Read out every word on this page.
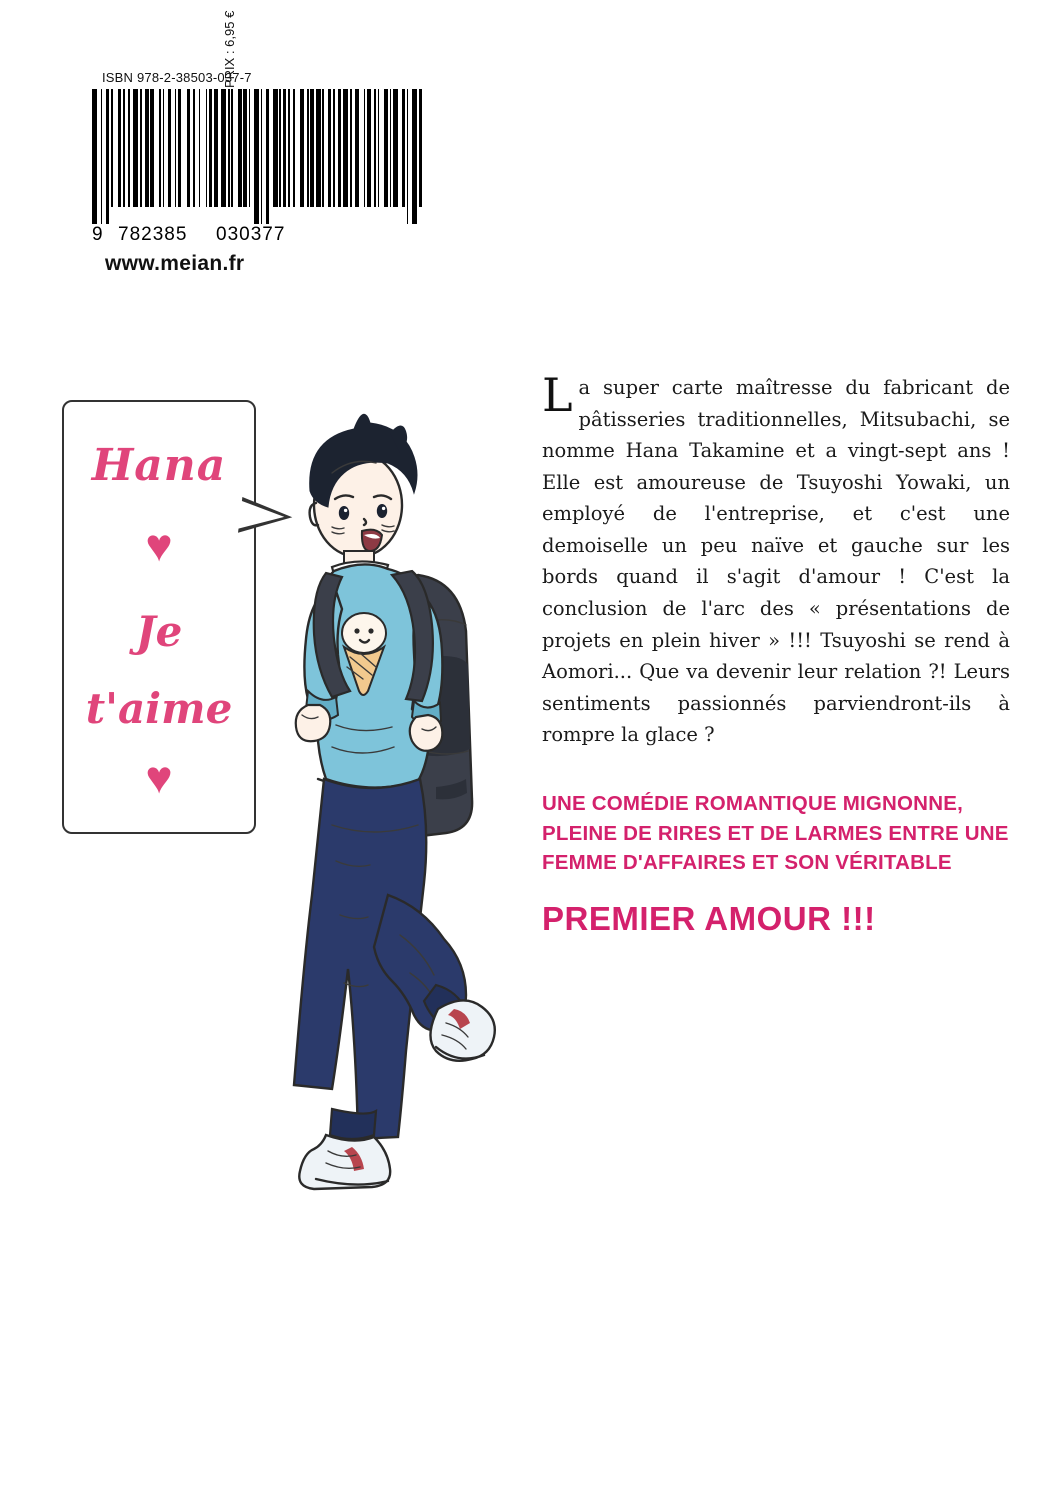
ISBN 978-2-38503-037-7
9 782385 030377
PRIX : 6,95 €
www.meian.fr
Hana
♥
Je
t'aime
♥

La super carte maîtresse du fabricant de pâtisseries traditionnelles, Mitsubachi, se nomme Hana Takamine et a vingt-sept ans ! Elle est amoureuse de Tsuyoshi Yowaki, un employé de l'entreprise, et c'est une demoiselle un peu naïve et gauche sur les bords quand il s'agit d'amour ! C'est la conclusion de l'arc des « présentations de projets en plein hiver » !!! Tsuyoshi se rend à Aomori... Que va devenir leur relation ?! Leurs sentiments passionnés parviendront-ils à rompre la glace ?

UNE COMÉDIE ROMANTIQUE MIGNONNE, PLEINE DE RIRES ET DE LARMES ENTRE UNE FEMME D'AFFAIRES ET SON VÉRITABLE
PREMIER AMOUR !!!
